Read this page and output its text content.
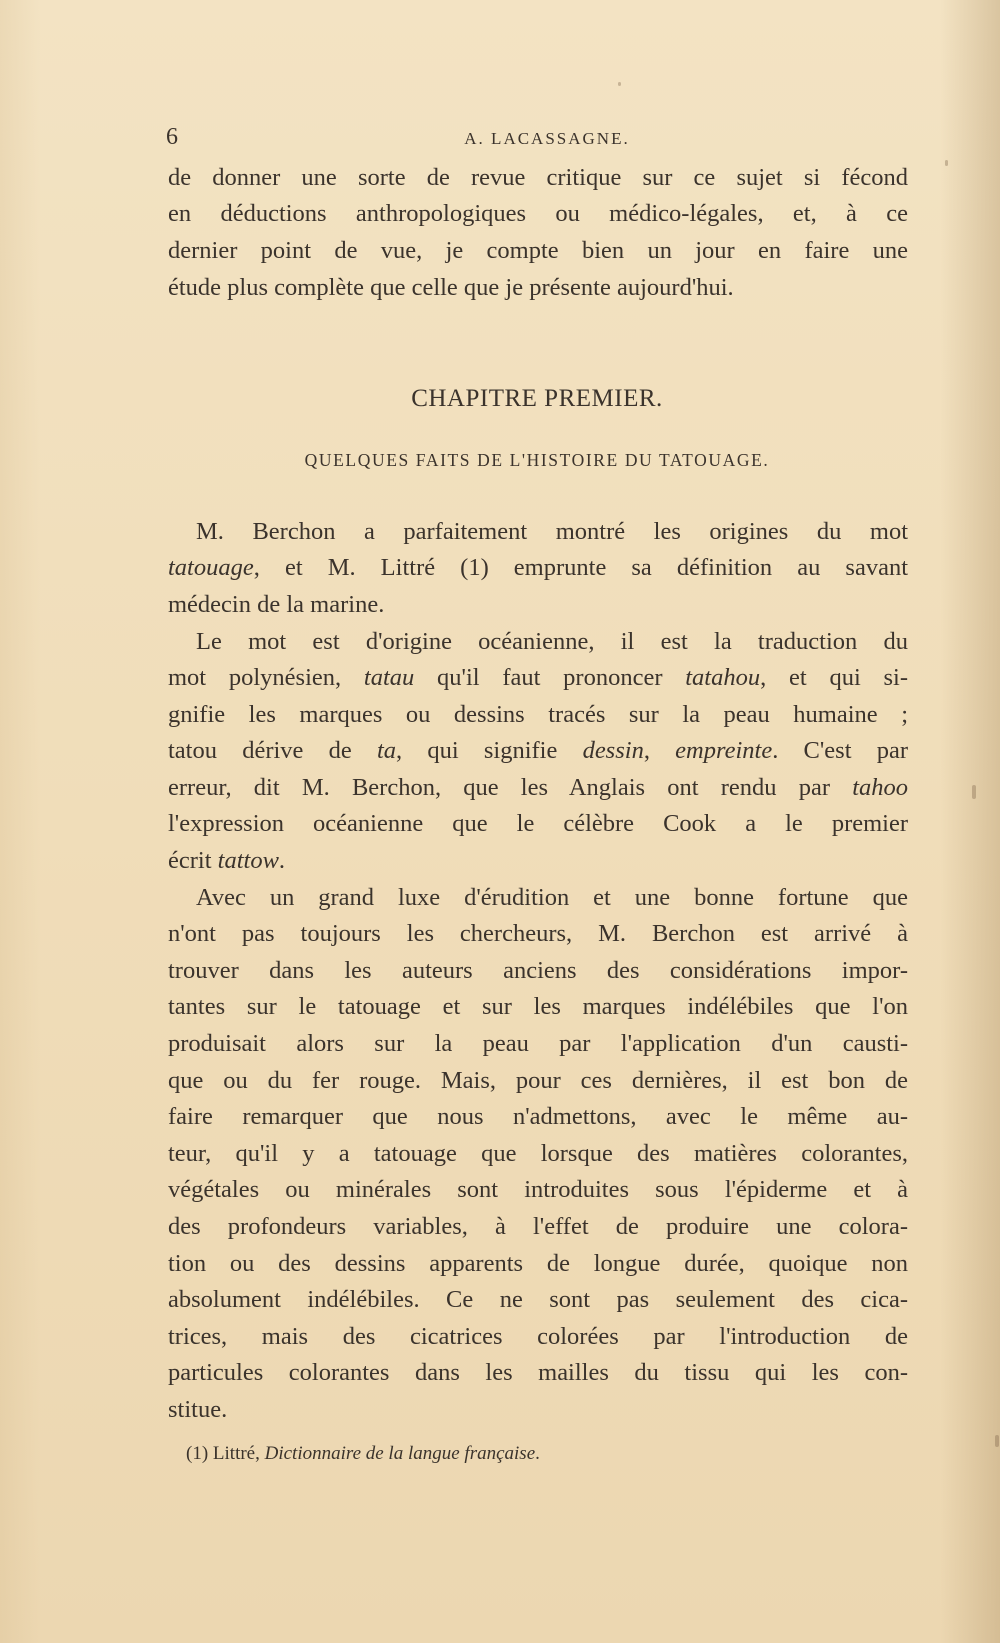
6	A. LACASSAGNE.
de donner une sorte de revue critique sur ce sujet si fécond
en déductions anthropologiques ou médico-légales, et, à ce
dernier point de vue, je compte bien un jour en faire une
étude plus complète que celle que je présente aujourd'hui.
CHAPITRE PREMIER.
QUELQUES FAITS DE L'HISTOIRE DU TATOUAGE.
M. Berchon a parfaitement montré les origines du mot
tatouage, et M. Littré (1) emprunte sa définition au savant
médecin de la marine.
Le mot est d'origine océanienne, il est la traduction du
mot polynésien, tatau qu'il faut prononcer tatahou, et qui si-
gnifie les marques ou dessins tracés sur la peau humaine ;
tatou dérive de ta, qui signifie dessin, empreinte. C'est par
erreur, dit M. Berchon, que les Anglais ont rendu par tahoo
l'expression océanienne que le célèbre Cook a le premier
écrit tattow.
Avec un grand luxe d'érudition et une bonne fortune que
n'ont pas toujours les chercheurs, M. Berchon est arrivé à
trouver dans les auteurs anciens des considérations impor-
tantes sur le tatouage et sur les marques indélébiles que l'on
produisait alors sur la peau par l'application d'un causti-
que ou du fer rouge. Mais, pour ces dernières, il est bon de
faire remarquer que nous n'admettons, avec le même au-
teur, qu'il y a tatouage que lorsque des matières colorantes,
végétales ou minérales sont introduites sous l'épiderme et à
des profondeurs variables, à l'effet de produire une colora-
tion ou des dessins apparents de longue durée, quoique non
absolument indélébiles. Ce ne sont pas seulement des cica-
trices, mais des cicatrices colorées par l'introduction de
particules colorantes dans les mailles du tissu qui les con-
stitue.
(1) Littré, Dictionnaire de la langue française.
